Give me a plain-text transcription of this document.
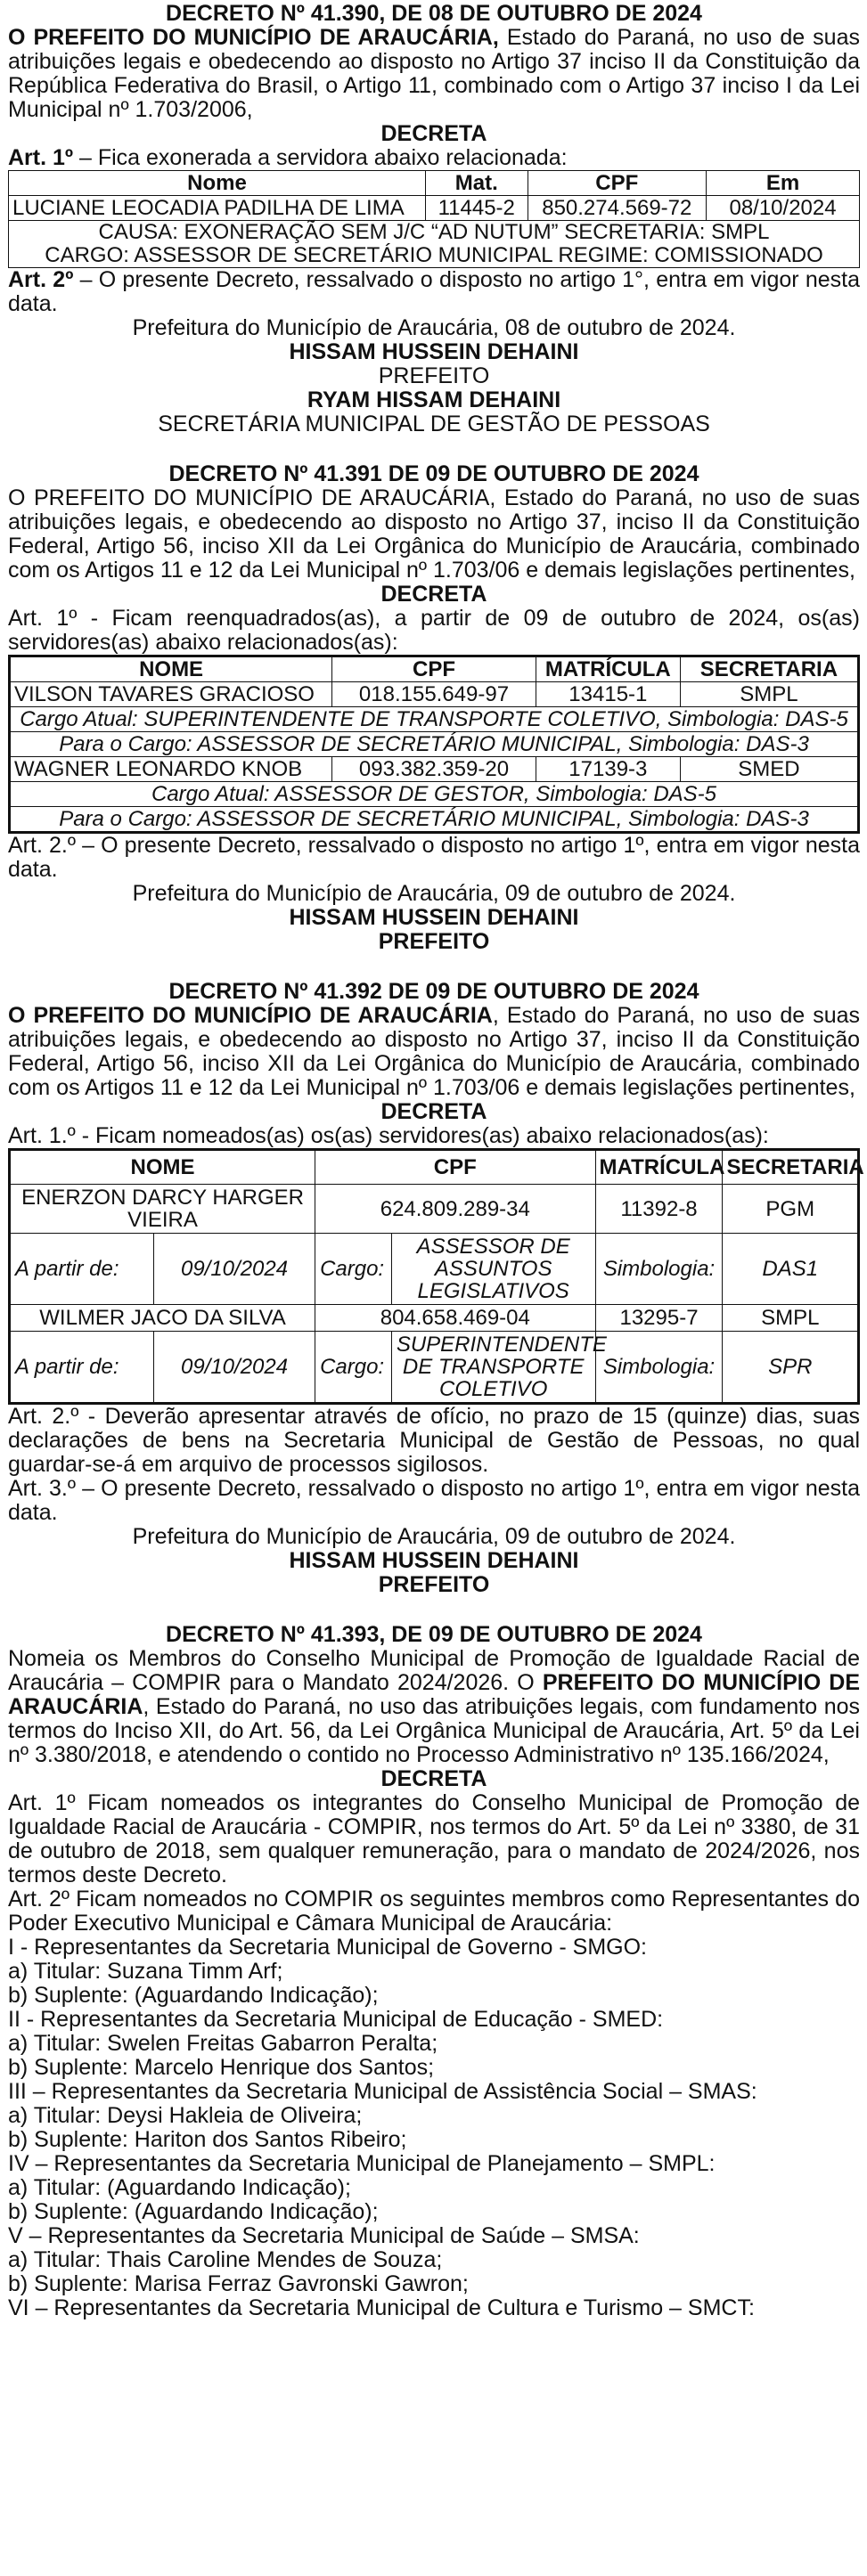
DECRETO Nº 41.390, DE 08 DE OUTUBRO DE 2024

O PREFEITO DO MUNICÍPIO DE ARAUCÁRIA, Estado do Paraná, no uso de suas atribuições legais e obedecendo ao disposto no Artigo 37 inciso II da Constituição da República Federativa do Brasil, o Artigo 11, combinado com o Artigo 37 inciso I da Lei Municipal nº 1.703/2006,

DECRETA

Art. 1º – Fica exonerada a servidora abaixo relacionada:

Nome	Mat.	CPF	Em
LUCIANE LEOCADIA PADILHA DE LIMA	11445-2	850.274.569-72	08/10/2024

CAUSA: EXONERAÇÃO SEM J/C “AD NUTUM” SECRETARIA: SMPL
CARGO: ASSESSOR DE SECRETÁRIO MUNICIPAL REGIME: COMISSIONADO			

Art. 2º – O presente Decreto, ressalvado o disposto no artigo 1°, entra em vigor nesta data.

Prefeitura do Município de Araucária, 08 de outubro de 2024.
HISSAM HUSSEIN DEHAINI
PREFEITO
RYAM HISSAM DEHAINI
SECRETÁRIA MUNICIPAL DE GESTÃO DE PESSOAS
DECRETO Nº 41.391 DE 09 DE OUTUBRO DE 2024

O PREFEITO DO MUNICÍPIO DE ARAUCÁRIA, Estado do Paraná, no uso de suas atribuições legais, e obedecendo ao disposto no Artigo 37, inciso II da Constituição Federal, Artigo 56, inciso XII da Lei Orgânica do Município de Araucária, combinado com os Artigos 11 e 12 da Lei Municipal nº 1.703/06 e demais legislações pertinentes,

DECRETA

Art. 1º - Ficam reenquadrados(as), a partir de 09 de outubro de 2024, os(as) servidores(as) abaixo relacionados(as):

NOME	CPF	MATRÍCULA	SECRETARIA
VILSON TAVARES GRACIOSO	018.155.649-97	13415-1	SMPL
Cargo Atual: SUPERINTENDENTE DE TRANSPORTE COLETIVO, Simbologia: DAS-5			
Para o Cargo: ASSESSOR DE SECRETÁRIO MUNICIPAL, Simbologia: DAS-3			
WAGNER LEONARDO KNOB	093.382.359-20	17139-3	SMED
Cargo Atual: ASSESSOR DE GESTOR, Simbologia: DAS-5			
Para o Cargo: ASSESSOR DE SECRETÁRIO MUNICIPAL, Simbologia: DAS-3			

Art. 2.º – O presente Decreto, ressalvado o disposto no artigo 1º, entra em vigor nesta data.

Prefeitura do Município de Araucária, 09 de outubro de 2024.
HISSAM HUSSEIN DEHAINI
PREFEITO
DECRETO Nº 41.392 DE 09 DE OUTUBRO DE 2024

O PREFEITO DO MUNICÍPIO DE ARAUCÁRIA, Estado do Paraná, no uso de suas atribuições legais, e obedecendo ao disposto no Artigo 37, inciso II da Constituição Federal, Artigo 56, inciso XII da Lei Orgânica do Município de Araucária, combinado com os Artigos 11 e 12 da Lei Municipal nº 1.703/06 e demais legislações pertinentes,

DECRETA

Art. 1.º - Ficam nomeados(as) os(as) servidores(as) abaixo relacionados(as):

NOME		CPF		MATRÍCULA	SECRETARIA
ENERZON DARCY HARGER VIEIRA		624.809.289-34		11392-8	PGM
A partir de:	09/10/2024	Cargo:	ASSESSOR DE ASSUNTOS LEGISLATIVOS	Simbologia:	DAS1
WILMER JACO DA SILVA		804.658.469-04		13295-7	SMPL
A partir de:	09/10/2024	Cargo:	SUPERINTENDENTE DE TRANSPORTE COLETIVO	Simbologia:	SPR

Art. 2.º - Deverão apresentar através de ofício, no prazo de 15 (quinze) dias, suas declarações de bens na Secretaria Municipal de Gestão de Pessoas, no qual guardar-se-á em arquivo de processos sigilosos.

Art. 3.º – O presente Decreto, ressalvado o disposto no artigo 1º, entra em vigor nesta data.

Prefeitura do Município de Araucária, 09 de outubro de 2024.
HISSAM HUSSEIN DEHAINI
PREFEITO
DECRETO Nº 41.393, DE 09 DE OUTUBRO DE 2024

Nomeia os Membros do Conselho Municipal de Promoção de Igualdade Racial de Araucária – COMPIR para o Mandato 2024/2026. O PREFEITO DO MUNICÍPIO DE ARAUCÁRIA, Estado do Paraná, no uso das atribuições legais, com fundamento nos termos do Inciso XII, do Art. 56, da Lei Orgânica Municipal de Araucária, Art. 5º da Lei nº 3.380/2018, e atendendo o contido no Processo Administrativo nº 135.166/2024,

DECRETA

Art. 1º Ficam nomeados os integrantes do Conselho Municipal de Promoção de Igualdade Racial de Araucária - COMPIR, nos termos do Art. 5º da Lei nº 3380, de 31 de outubro de 2018, sem qualquer remuneração, para o mandato de 2024/2026, nos termos deste Decreto.

Art. 2º Ficam nomeados no COMPIR os seguintes membros como Representantes do Poder Executivo Municipal e Câmara Municipal de Araucária:

I - Representantes da Secretaria Municipal de Governo - SMGO:

a) Titular: Suzana Timm Arf;

b) Suplente: (Aguardando Indicação);

II - Representantes da Secretaria Municipal de Educação - SMED:

a) Titular: Swelen Freitas Gabarron Peralta;

b) Suplente: Marcelo Henrique dos Santos;

III – Representantes da Secretaria Municipal de Assistência Social – SMAS:

a) Titular: Deysi Hakleia de Oliveira;

b) Suplente: Hariton dos Santos Ribeiro;

IV – Representantes da Secretaria Municipal de Planejamento – SMPL:

a) Titular: (Aguardando Indicação);

b) Suplente: (Aguardando Indicação);

V – Representantes da Secretaria Municipal de Saúde – SMSA:

a) Titular: Thais Caroline Mendes de Souza;

b) Suplente: Marisa Ferraz Gavronski Gawron;

VI – Representantes da Secretaria Municipal de Cultura e Turismo – SMCT:
